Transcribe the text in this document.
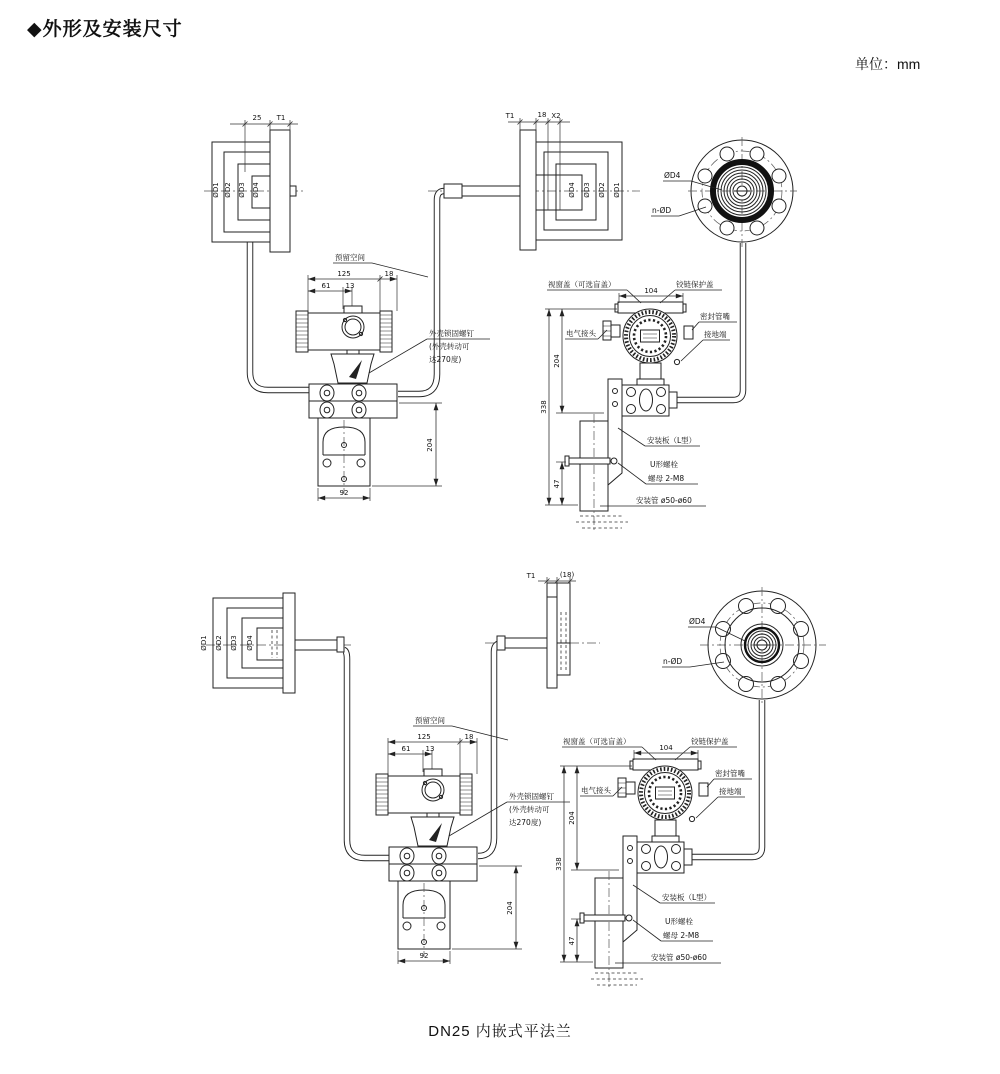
◆外形及安装尺寸
单位：mm
ØD1 ØD2 ØD3 ØD4
25 T1
ØD4 ØD3 ØD2 ØD1
T1	18 X2
预留空间
125	18
61 13
外壳锁固螺钉
(外壳转动可
达270度)
204
92
视窗盖（可选盲盖）	铰链保护盖
104
电气接头
密封管嘴
接地端
338
204
47
安装板（L型）
U形螺栓
螺母 2-M8
安装管 ø50-ø60
ØD4
n-ØD
ØD1 ØD2 ØD3 ØD4
T1	(18)
预留空间
125	18
61 13
外壳锁固螺钉
(外壳转动可
达270度)
204
92
视窗盖（可选盲盖）	铰链保护盖
104
电气接头
密封管嘴
接地端
338
204
47
安装板（L型）
U形螺栓
螺母 2-M8
安装管 ø50-ø60
ØD4
n-ØD
DN25 内嵌式平法兰
